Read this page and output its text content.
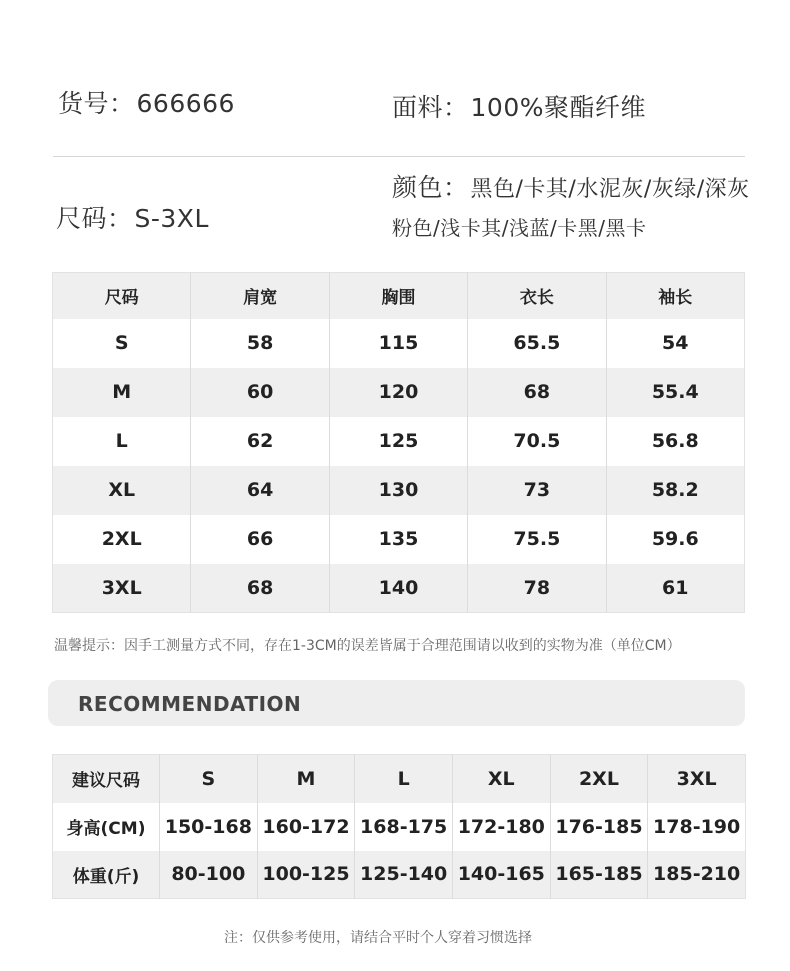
货号：666666	面料：100%聚酯纤维
颜色：黑色/卡其/水泥灰/灰绿/深灰
粉色/浅卡其/浅蓝/卡黑/黑卡
尺码：S-3XL
尺码	肩宽	胸围	衣长	袖长
S	58	115	65.5	54
M	60	120	68	55.4
L	62	125	70.5	56.8
XL	64	130	73	58.2
2XL	66	135	75.5	59.6
3XL	68	140	78	61
温馨提示：因手工测量方式不同，存在1-3CM的误差皆属于合理范围请以收到的实物为准（单位CM）
RECOMMENDATION
建议尺码	S	M	L	XL	2XL	3XL
身高(CM)	150-168	160-172	168-175	172-180	176-185	178-190
体重(斤)	80-100	100-125	125-140	140-165	165-185	185-210
注：仅供参考使用，请结合平时个人穿着习惯选择
